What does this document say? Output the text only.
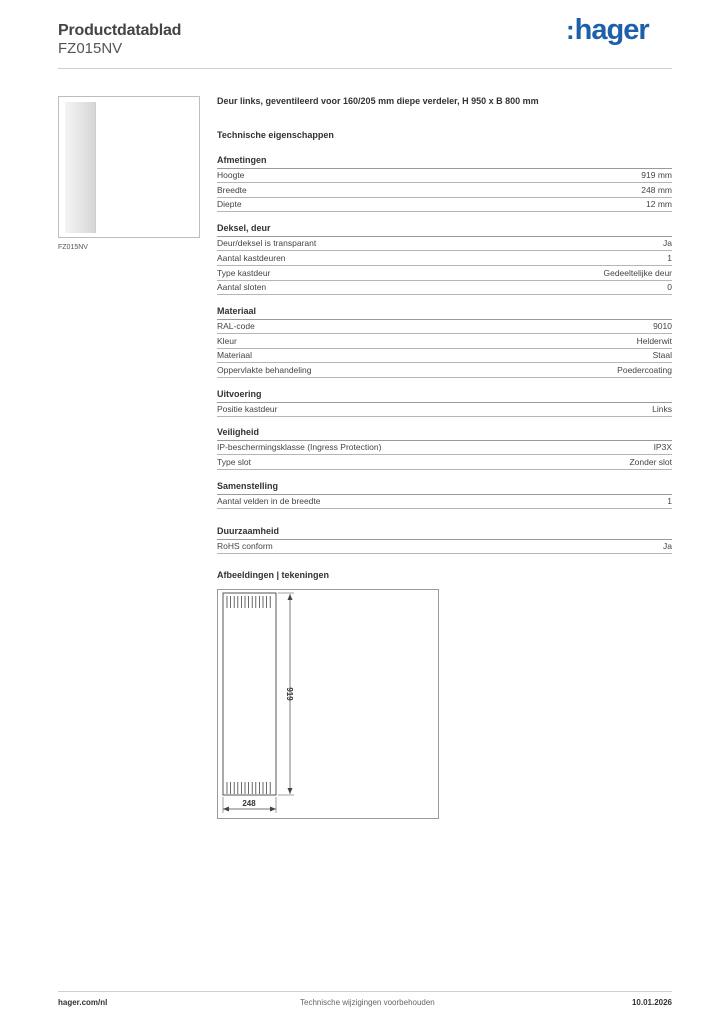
Productdatablad
FZ015NV
:hager
FZ015NV
Deur links, geventileerd voor 160/205 mm diepe verdeler, H 950 x B 800 mm
Technische eigenschappen
Afmetingen
Hoogte	919 mm
Breedte	248 mm
Diepte	12 mm
Deksel, deur
Deur/deksel is transparant	Ja
Aantal kastdeuren	1
Type kastdeur	Gedeeltelijke deur
Aantal sloten	0
Materiaal
RAL-code	9010
Kleur	Helderwit
Materiaal	Staal
Oppervlakte behandeling	Poedercoating
Uitvoering
Positie kastdeur	Links
Veiligheid
IP-beschermingsklasse (Ingress Protection)	IP3X
Type slot	Zonder slot
Samenstelling
Aantal velden in de breedte	1
Duurzaamheid
RoHS conform	Ja
Afbeeldingen | tekeningen
919
248
hager.com/nl	Technische wijzigingen voorbehouden	10.01.2026
